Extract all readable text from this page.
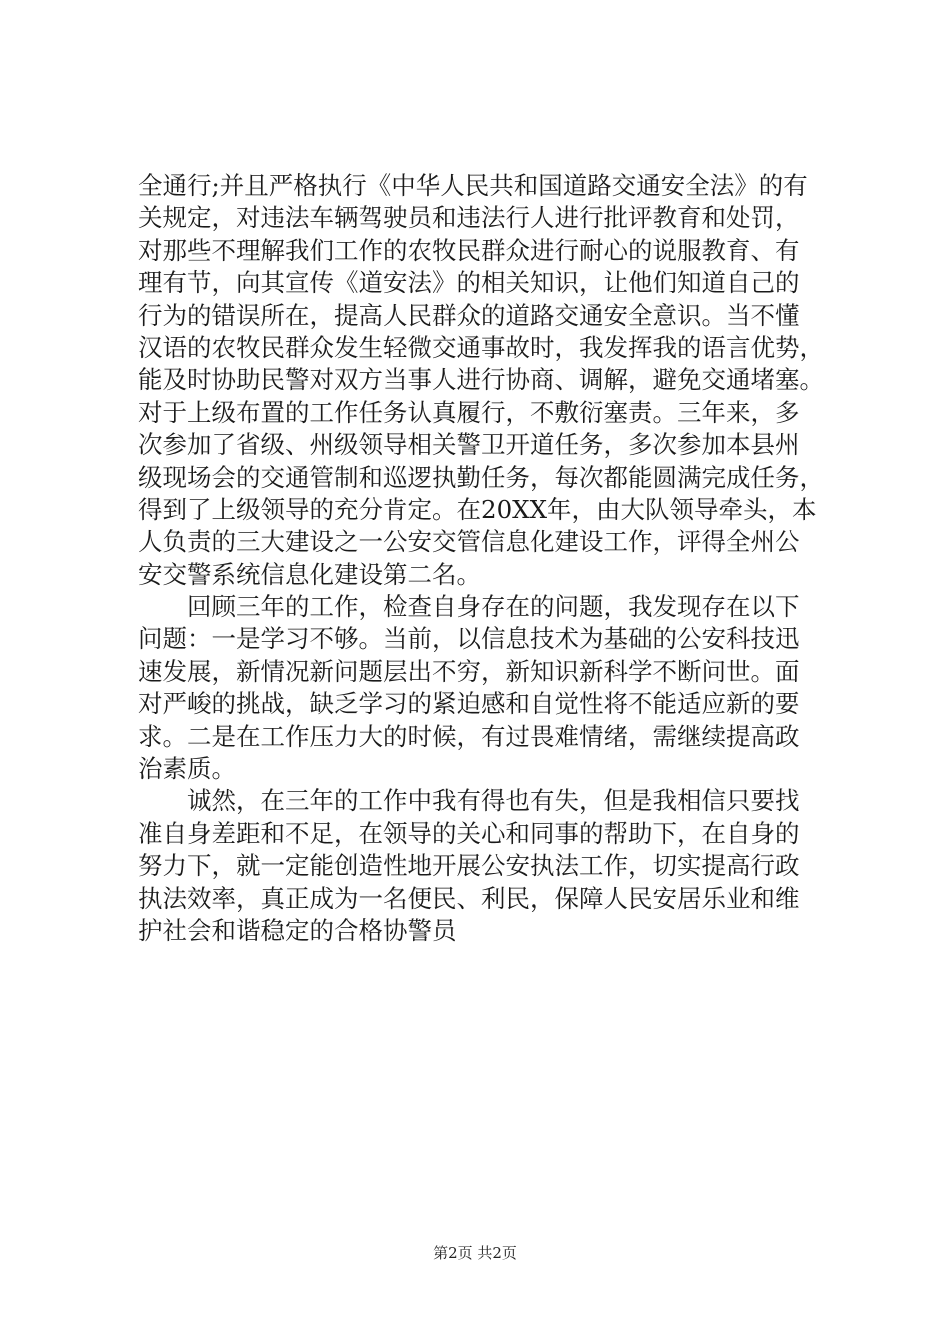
全通行;并且严格执行《中华人民共和国道路交通安全法》的有
关规定，对违法车辆驾驶员和违法行人进行批评教育和处罚，
对那些不理解我们工作的农牧民群众进行耐心的说服教育、有
理有节，向其宣传《道安法》的相关知识，让他们知道自己的
行为的错误所在，提高人民群众的道路交通安全意识。当不懂
汉语的农牧民群众发生轻微交通事故时，我发挥我的语言优势，
能及时协助民警对双方当事人进行协商、调解，避免交通堵塞。
对于上级布置的工作任务认真履行，不敷衍塞责。三年来，多
次参加了省级、州级领导相关警卫开道任务，多次参加本县州
级现场会的交通管制和巡逻执勤任务，每次都能圆满完成任务，
得到了上级领导的充分肯定。在20XX年，由大队领导牵头，本
人负责的三大建设之一公安交管信息化建设工作，评得全州公
安交警系统信息化建设第二名。
回顾三年的工作，检查自身存在的问题，我发现存在以下
问题：一是学习不够。当前，以信息技术为基础的公安科技迅
速发展，新情况新问题层出不穷，新知识新科学不断问世。面
对严峻的挑战，缺乏学习的紧迫感和自觉性将不能适应新的要
求。二是在工作压力大的时候，有过畏难情绪，需继续提高政
治素质。
诚然，在三年的工作中我有得也有失，但是我相信只要找
准自身差距和不足，在领导的关心和同事的帮助下，在自身的
努力下，就一定能创造性地开展公安执法工作，切实提高行政
执法效率，真正成为一名便民、利民，保障人民安居乐业和维
护社会和谐稳定的合格协警员
第2页 共2页
